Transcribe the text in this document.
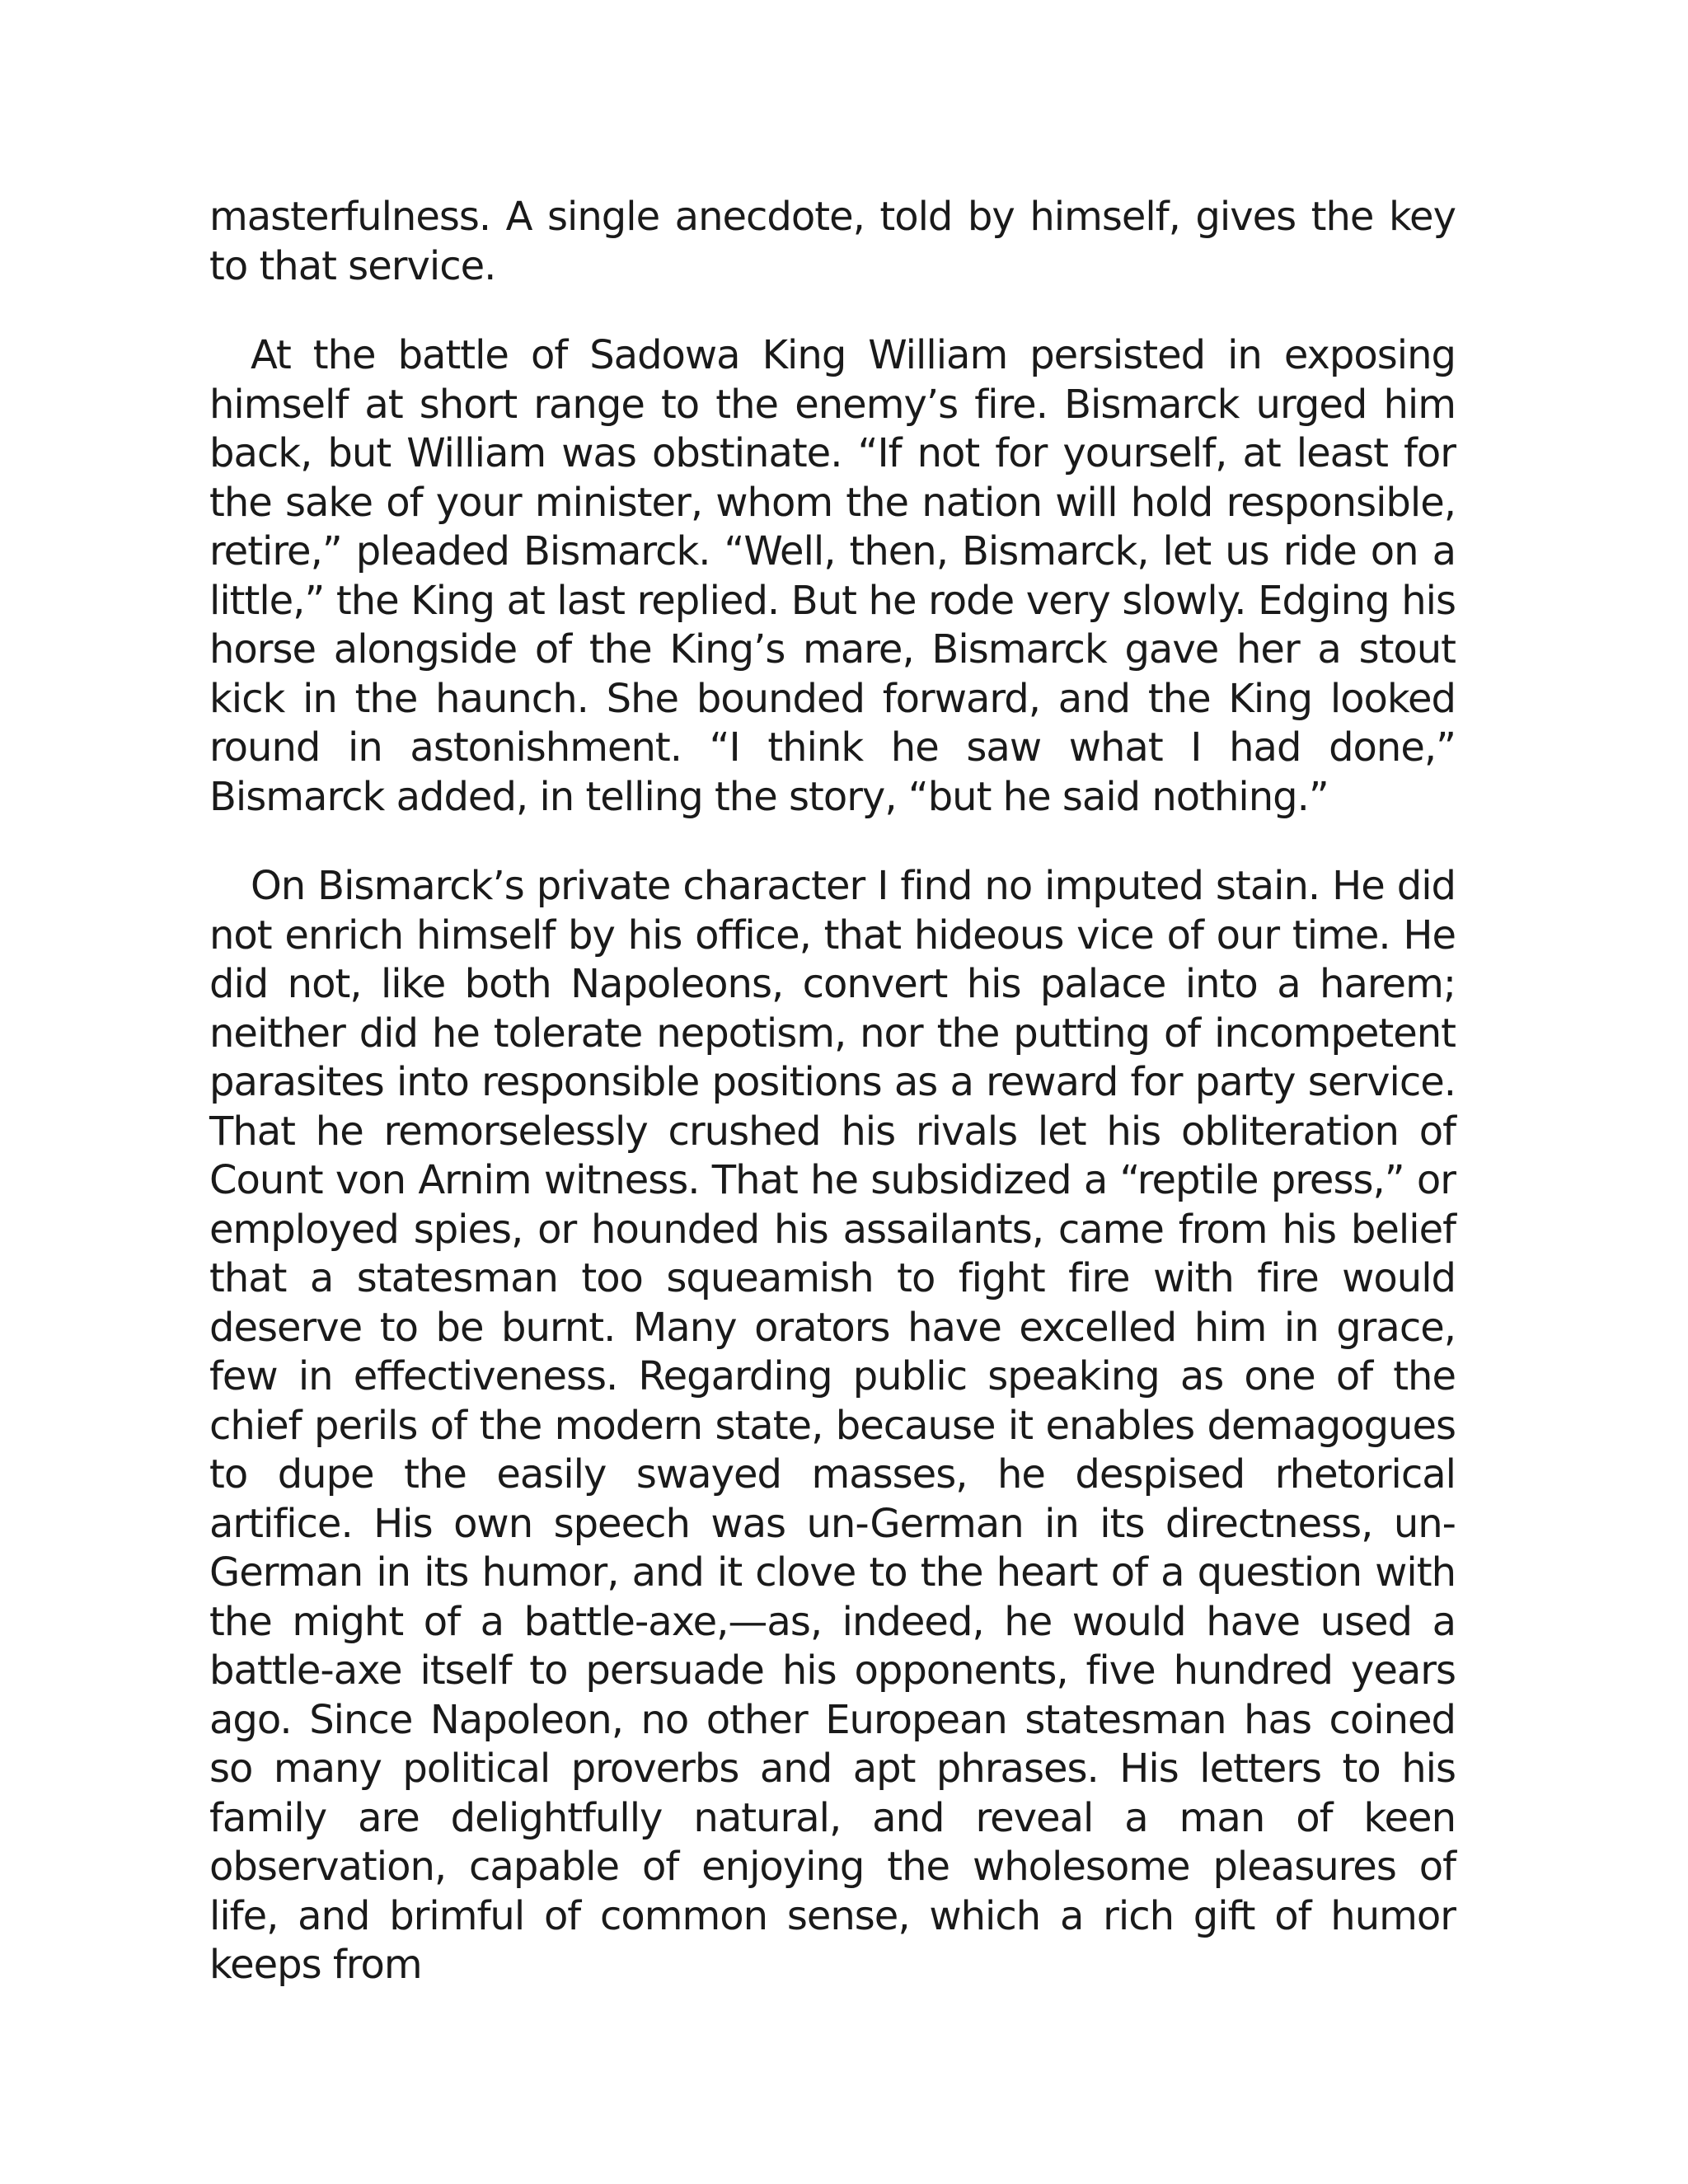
masterfulness. A single anecdote, told by himself, gives the key to that service.

At the battle of Sadowa King William persisted in exposing himself at short range to the enemy’s fire. Bismarck urged him back, but William was obstinate. “If not for yourself, at least for the sake of your minister, whom the nation will hold responsible, retire,” pleaded Bismarck. “Well, then, Bismarck, let us ride on a little,” the King at last replied. But he rode very slowly. Edging his horse alongside of the King’s mare, Bismarck gave her a stout kick in the haunch. She bounded forward, and the King looked round in astonishment. “I think he saw what I had done,” Bismarck added, in telling the story, “but he said nothing.”

On Bismarck’s private character I find no imputed stain. He did not enrich himself by his office, that hideous vice of our time. He did not, like both Napoleons, convert his palace into a harem; neither did he tolerate nepotism, nor the putting of incompetent parasites into responsible positions as a reward for party service. That he remorselessly crushed his rivals let his obliteration of Count von Arnim witness. That he subsidized a “reptile press,” or employed spies, or hounded his assailants, came from his belief that a statesman too squeamish to fight fire with fire would deserve to be burnt. Many orators have excelled him in grace, few in effectiveness. Regarding public speaking as one of the chief perils of the modern state, because it enables demagogues to dupe the easily swayed masses, he despised rhetorical artifice. His own speech was un-German in its directness, un-German in its humor, and it clove to the heart of a question with the might of a battle-axe,—as, indeed, he would have used a battle-axe itself to persuade his opponents, five hundred years ago. Since Napoleon, no other European statesman has coined so many political proverbs and apt phrases. His letters to his family are delightfully natural, and reveal a man of keen observation, capable of enjoying the wholesome pleasures of life, and brimful of common sense, which a rich gift of humor keeps from
